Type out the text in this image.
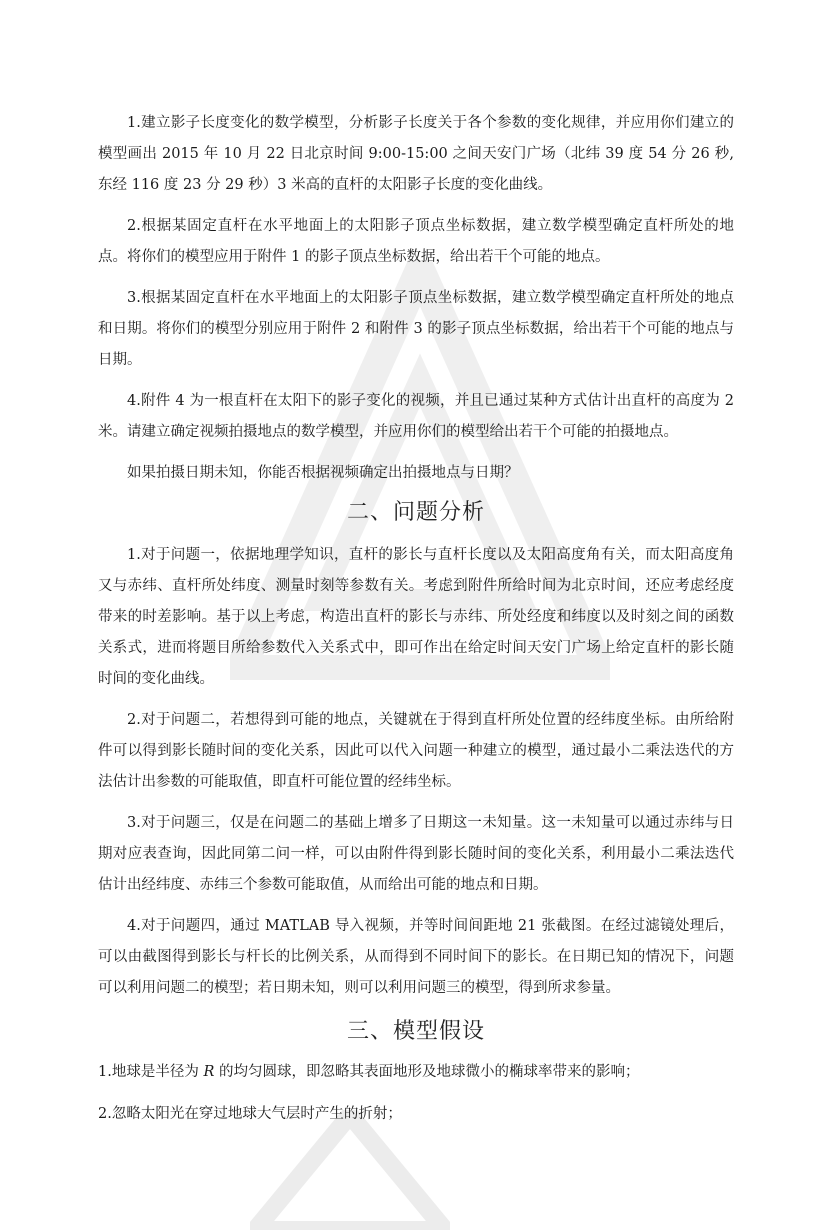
1.建立影子长度变化的数学模型，分析影子长度关于各个参数的变化规律，并应用你们建立的模型画出 2015 年 10 月 22 日北京时间 9:00-15:00 之间天安门广场（北纬 39 度 54 分 26 秒,东经 116 度 23 分 29 秒）3 米高的直杆的太阳影子长度的变化曲线。

2.根据某固定直杆在水平地面上的太阳影子顶点坐标数据，建立数学模型确定直杆所处的地点。将你们的模型应用于附件 1 的影子顶点坐标数据，给出若干个可能的地点。

3.根据某固定直杆在水平地面上的太阳影子顶点坐标数据，建立数学模型确定直杆所处的地点和日期。将你们的模型分别应用于附件 2 和附件 3 的影子顶点坐标数据，给出若干个可能的地点与日期。

4.附件 4 为一根直杆在太阳下的影子变化的视频，并且已通过某种方式估计出直杆的高度为 2 米。请建立确定视频拍摄地点的数学模型，并应用你们的模型给出若干个可能的拍摄地点。

如果拍摄日期未知，你能否根据视频确定出拍摄地点与日期？

二、问题分析

1.对于问题一，依据地理学知识，直杆的影长与直杆长度以及太阳高度角有关，而太阳高度角又与赤纬、直杆所处纬度、测量时刻等参数有关。考虑到附件所给时间为北京时间，还应考虑经度带来的时差影响。基于以上考虑，构造出直杆的影长与赤纬、所处经度和纬度以及时刻之间的函数关系式，进而将题目所给参数代入关系式中，即可作出在给定时间天安门广场上给定直杆的影长随时间的变化曲线。

2.对于问题二，若想得到可能的地点，关键就在于得到直杆所处位置的经纬度坐标。由所给附件可以得到影长随时间的变化关系，因此可以代入问题一种建立的模型，通过最小二乘法迭代的方法估计出参数的可能取值，即直杆可能位置的经纬坐标。

3.对于问题三，仅是在问题二的基础上增多了日期这一未知量。这一未知量可以通过赤纬与日期对应表查询，因此同第二问一样，可以由附件得到影长随时间的变化关系，利用最小二乘法迭代估计出经纬度、赤纬三个参数可能取值，从而给出可能的地点和日期。

4.对于问题四，通过 MATLAB 导入视频，并等时间间距地 21 张截图。在经过滤镜处理后，可以由截图得到影长与杆长的比例关系，从而得到不同时间下的影长。在日期已知的情况下，问题可以利用问题二的模型；若日期未知，则可以利用问题三的模型，得到所求参量。

三、模型假设

1.地球是半径为 R 的均匀圆球，即忽略其表面地形及地球微小的椭球率带来的影响；

2.忽略太阳光在穿过地球大气层时产生的折射；
